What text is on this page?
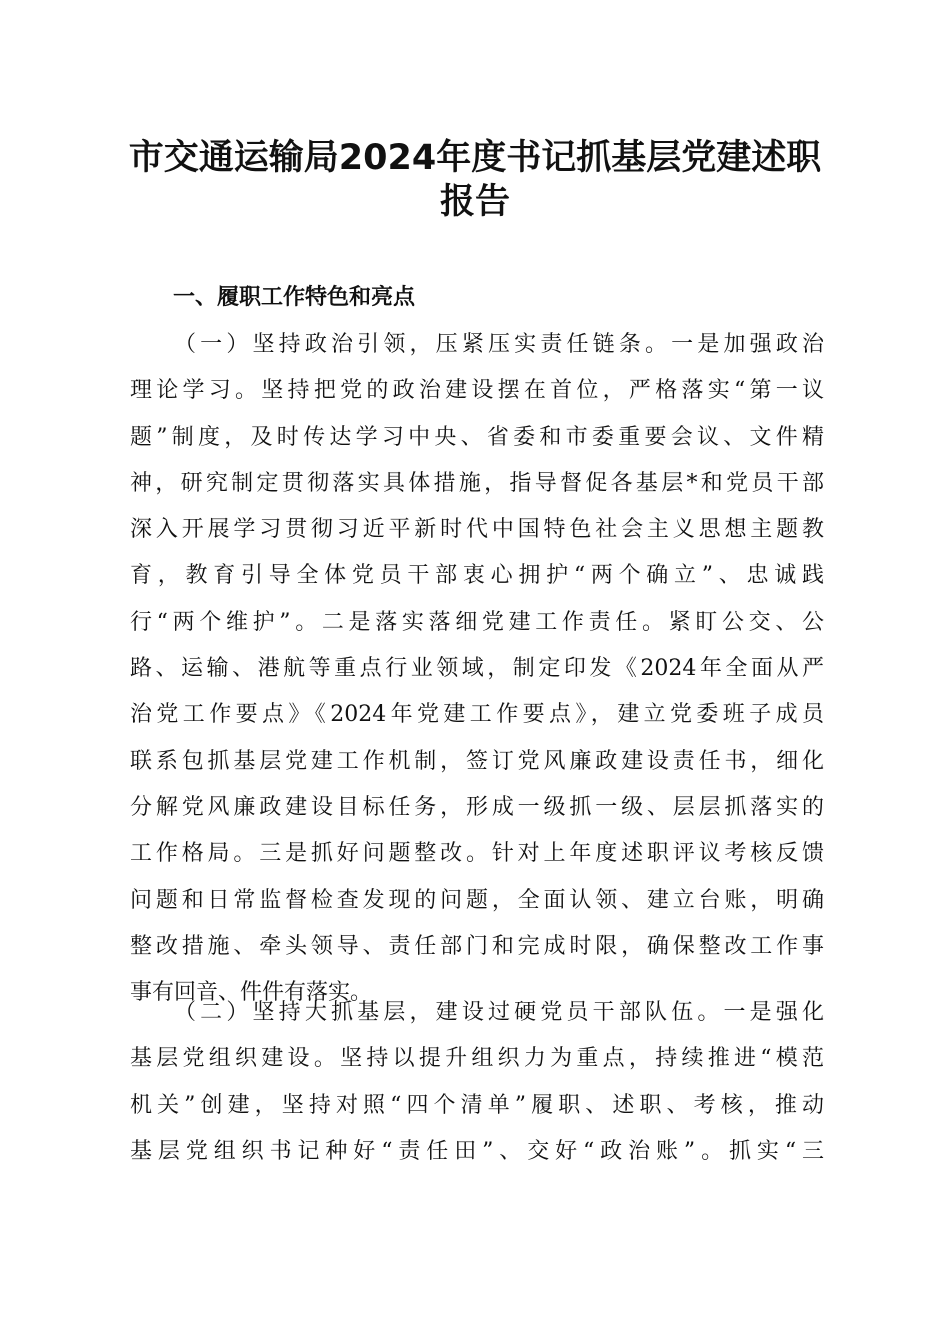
市交通运输局2024年度书记抓基层党建述职
报告
一、履职工作特色和亮点
（一）坚持政治引领，压紧压实责任链条。一是加强政治
理论学习。坚持把党的政治建设摆在首位，严格落实“第一议
题”制度，及时传达学习中央、省委和市委重要会议、文件精
神，研究制定贯彻落实具体措施，指导督促各基层*和党员干部
深入开展学习贯彻习近平新时代中国特色社会主义思想主题教
育，教育引导全体党员干部衷心拥护“两个确立”、忠诚践
行“两个维护”。二是落实落细党建工作责任。紧盯公交、公
路、运输、港航等重点行业领域，制定印发《2024年全面从严
治党工作要点》《2024年党建工作要点》，建立党委班子成员
联系包抓基层党建工作机制，签订党风廉政建设责任书，细化
分解党风廉政建设目标任务，形成一级抓一级、层层抓落实的
工作格局。三是抓好问题整改。针对上年度述职评议考核反馈
问题和日常监督检查发现的问题，全面认领、建立台账，明确
整改措施、牵头领导、责任部门和完成时限，确保整改工作事
事有回音、件件有落实。
（二）坚持大抓基层，建设过硬党员干部队伍。一是强化
基层党组织建设。坚持以提升组织力为重点，持续推进“模范
机关”创建，坚持对照“四个清单”履职、述职、考核，推动
基层党组织书记种好“责任田”、交好“政治账”。抓实“三
